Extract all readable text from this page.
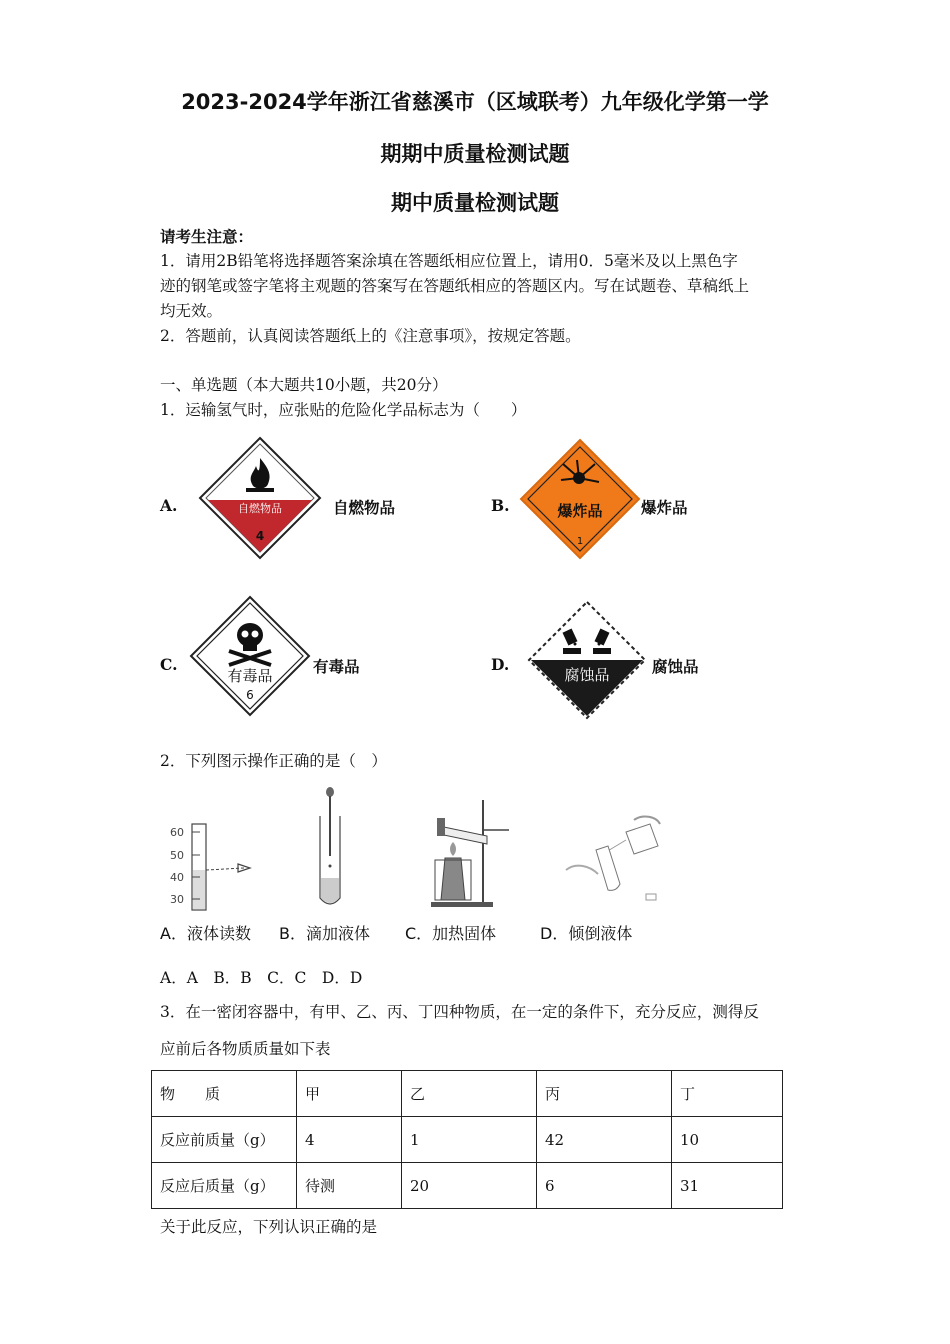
2023-2024学年浙江省慈溪市（区域联考）九年级化学第一学
期期中质量检测试题
期中质量检测试题
请考生注意：
1．请用2B铅笔将选择题答案涂填在答题纸相应位置上，请用0．5毫米及以上黑色字
迹的钢笔或签字笔将主观题的答案写在答题纸相应的答题区内。写在试题卷、草稿纸上
均无效。
2．答题前，认真阅读答题纸上的《注意事项》，按规定答题。
一、单选题（本大题共10小题，共20分）
1．运输氢气时，应张贴的危险化学品标志为（　　）
A.	自燃物品
4
自燃物品	B.	爆炸品
1
爆炸品
C.
有毒品
6
有毒品	D.
腐蚀品	腐蚀品
2．下列图示操作正确的是（　）
60
50
40
30
A．液体读数 B．滴加液体 C．加热固体	D．倾倒液体
A．A　B．B　C．C　D．D
3．在一密闭容器中，有甲、乙、丙、丁四种物质，在一定的条件下，充分反应，测得反
应前后各物质质量如下表
物　　质	甲	乙	丙	丁
反应前质量（g）	4	1	42	10
反应后质量（g）	待测	20	6	31
关于此反应，下列认识正确的是
